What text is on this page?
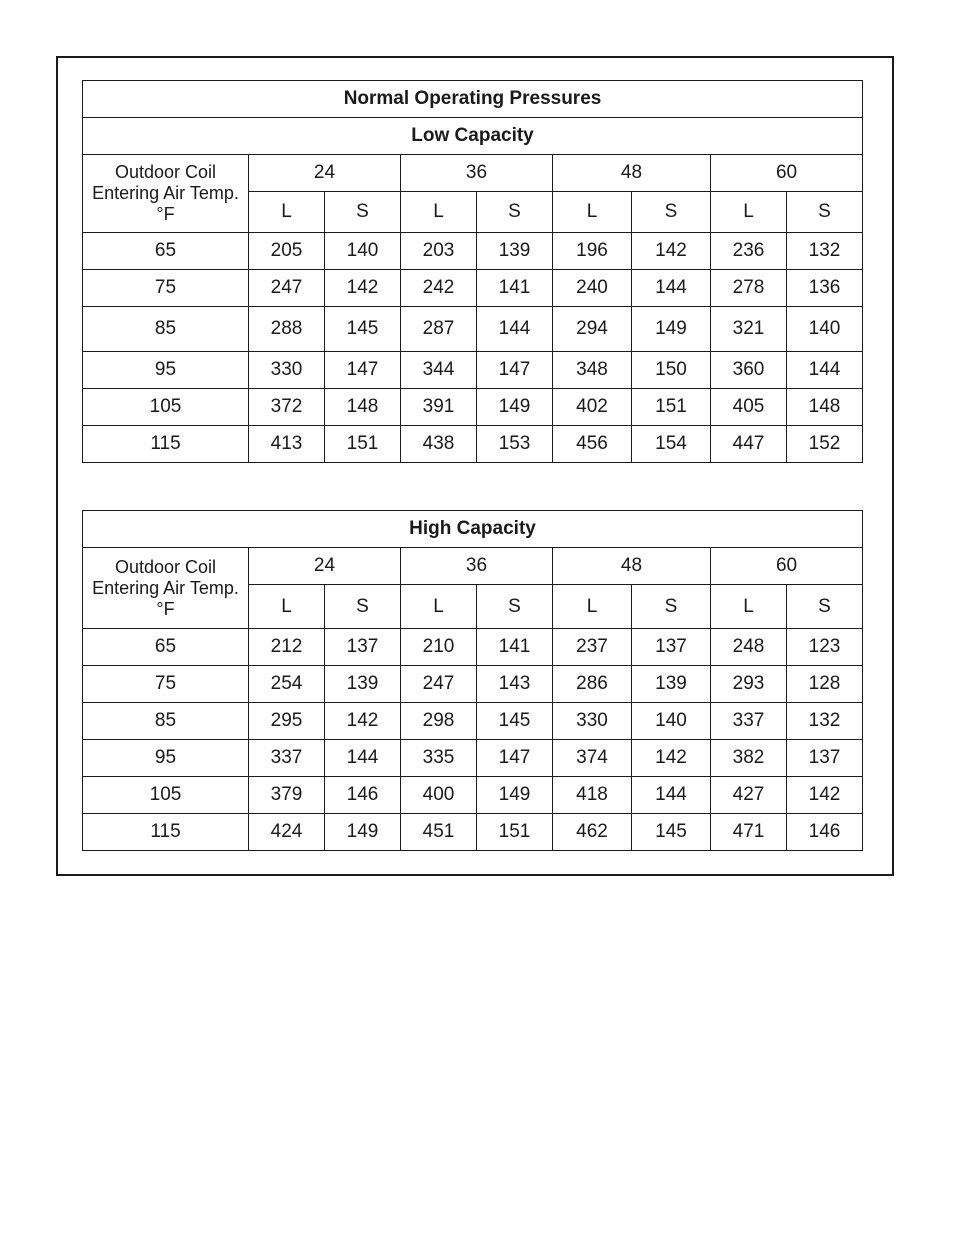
Normal Operating Pressures								
Low Capacity								
Outdoor Coil Entering Air Temp. °F	24		36		48		60	
	L	S	L	S	L	S	L	S
65	205	140	203	139	196	142	236	132
75	247	142	242	141	240	144	278	136
85	288	145	287	144	294	149	321	140
95	330	147	344	147	348	150	360	144
105	372	148	391	149	402	151	405	148
115	413	151	438	153	456	154	447	152
High Capacity								
Outdoor Coil Entering Air Temp. °F	24		36		48		60	
	L	S	L	S	L	S	L	S
65	212	137	210	141	237	137	248	123
75	254	139	247	143	286	139	293	128
85	295	142	298	145	330	140	337	132
95	337	144	335	147	374	142	382	137
105	379	146	400	149	418	144	427	142
115	424	149	451	151	462	145	471	146
